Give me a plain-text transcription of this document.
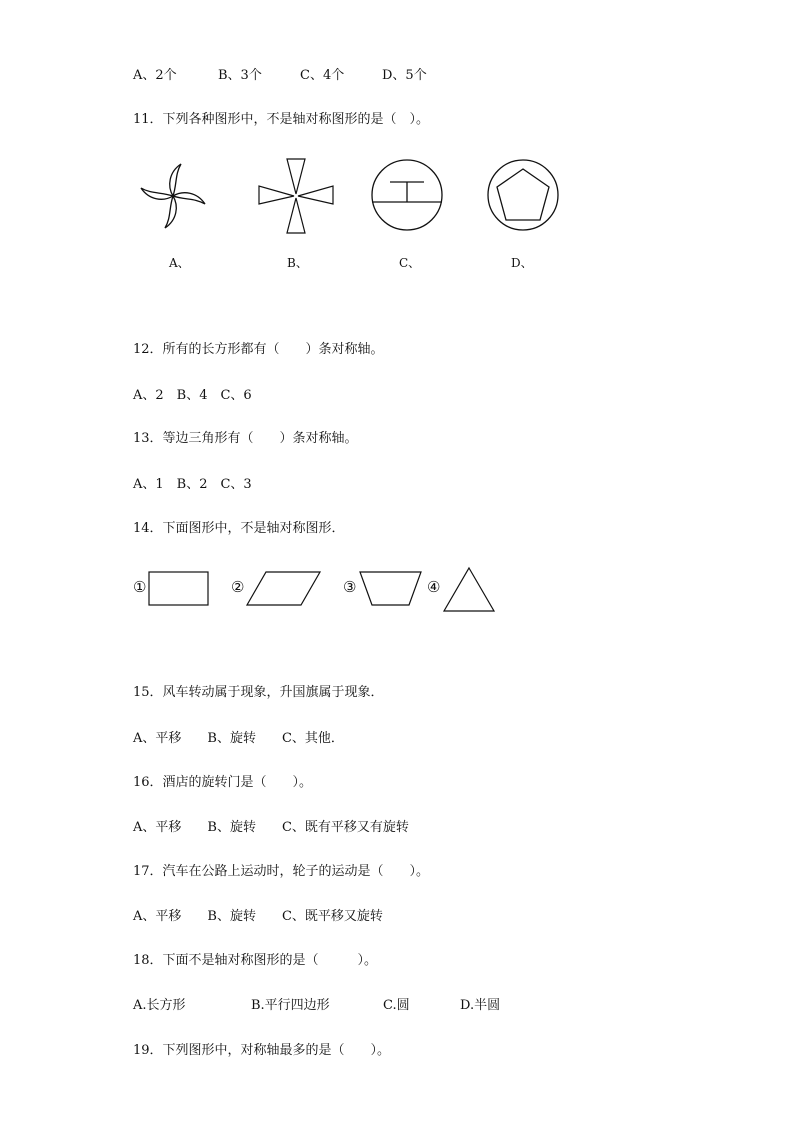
A、2个	B、3个	C、4个	D、5个
11．下列各种图形中，不是轴对称图形的是（　）。
A、	B、	C、	D、
12．所有的长方形都有（　　）条对称轴。
A、2　B、4　C、6
13．等边三角形有（　　）条对称轴。
A、1　B、2　C、3
14．下面图形中，不是轴对称图形．
①	②	③	④
15．风车转动属于现象，升国旗属于现象．
A、平移　　B、旋转　　C、其他．
16．酒店的旋转门是（　　）。
A、平移　　B、旋转　　C、既有平移又有旋转
17．汽车在公路上运动时，轮子的运动是（　　）。
A、平移　　B、旋转　　C、既平移又旋转
18．下面不是轴对称图形的是（　　　）。
A.长方形	B.平行四边形	C.圆	D.半圆
19．下列图形中，对称轴最多的是（　　）。
